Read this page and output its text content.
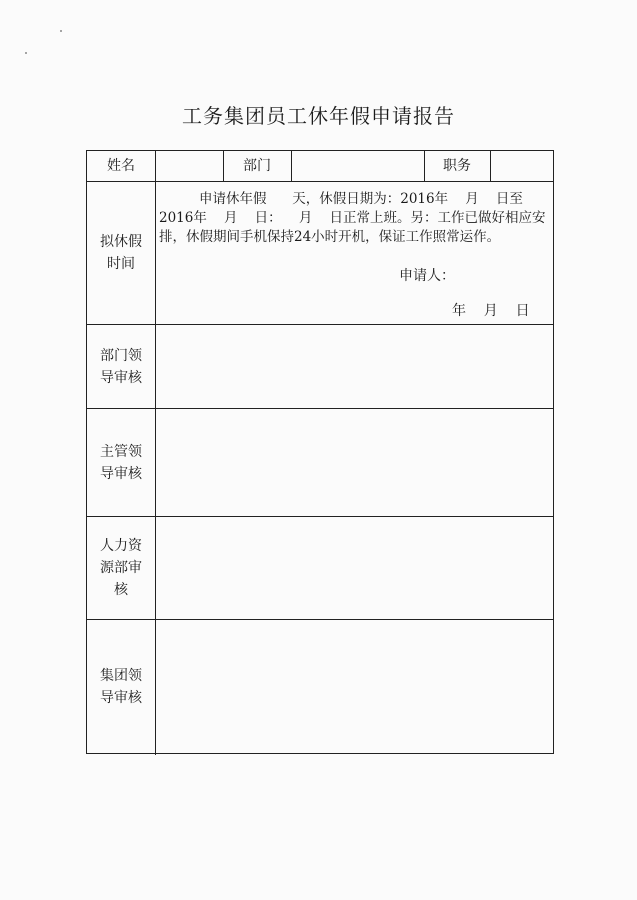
工务集团员工休年假申请报告
姓名	部门	职务
拟休假时间

申请休年假      天，休假日期为：2016年    月    日至2016年    月    日：    月    日正常上班。另：工作已做好相应安排，休假期间手机保持24小时开机，保证工作照常运作。

申请人：
年    月    日
部门领导审核
主管领导审核
人力资源部审核
集团领导审核
